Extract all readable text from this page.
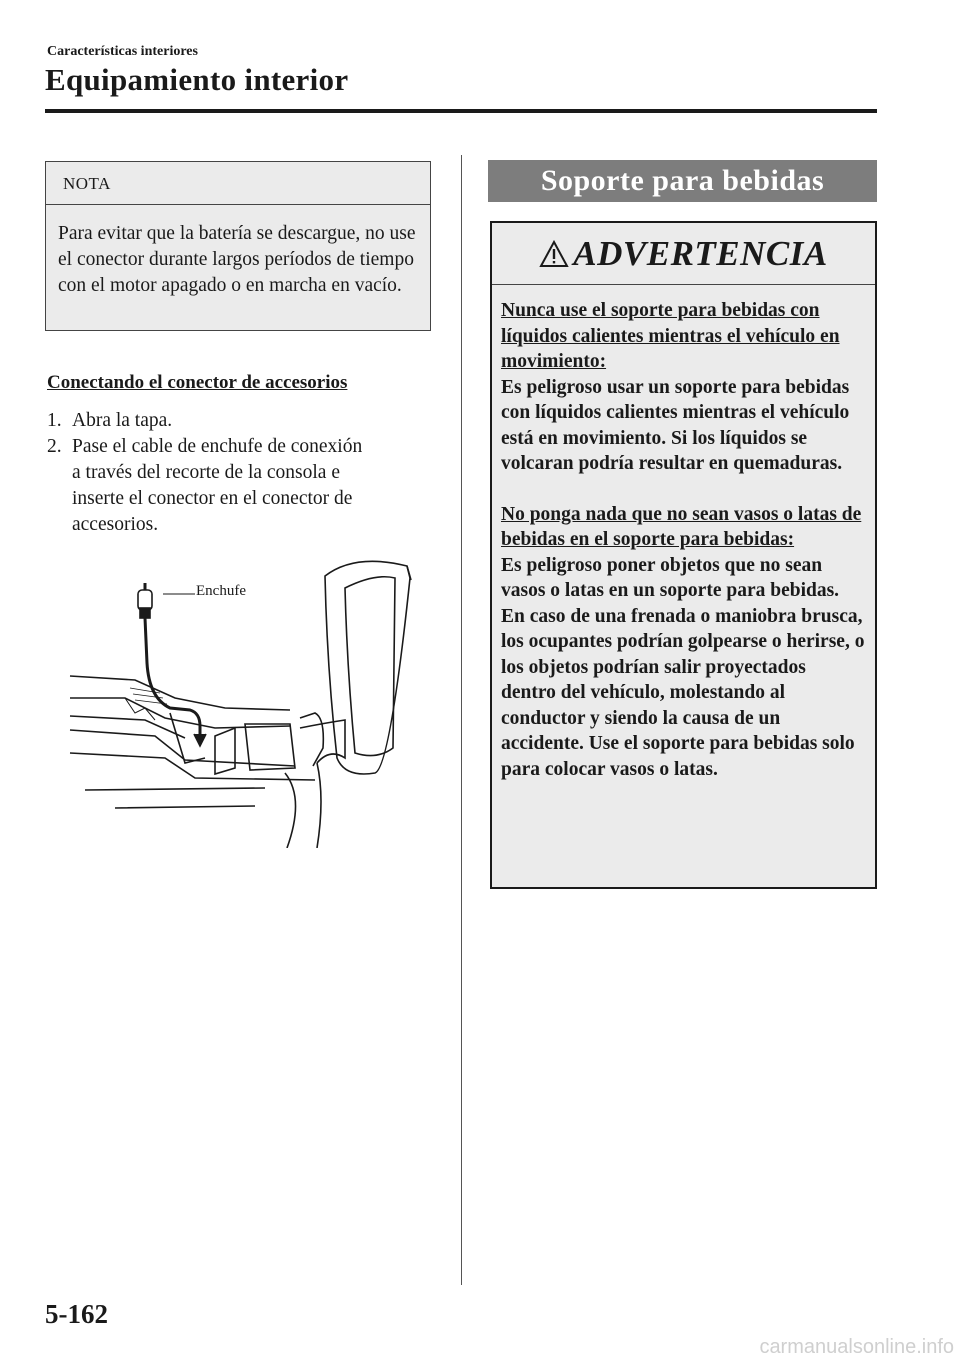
Características interiores
Equipamiento interior
NOTA
Para evitar que la batería se descargue, no use el conector durante largos períodos de tiempo con el motor apagado o en marcha en vacío.
Conectando el conector de accesorios
1. Abra la tapa.
2. Pase el cable de enchufe de conexión
a través del recorte de la consola e
inserte el conector en el conector de
accesorios.
Enchufe
Soporte para bebidas
ADVERTENCIA
Nunca use el soporte para bebidas con líquidos calientes mientras el vehículo en movimiento:
Es peligroso usar un soporte para bebidas con líquidos calientes mientras el vehículo está en movimiento. Si los líquidos se volcaran podría resultar en quemaduras.
No ponga nada que no sean vasos o latas de bebidas en el soporte para bebidas:
Es peligroso poner objetos que no sean vasos o latas en un soporte para bebidas. En caso de una frenada o maniobra brusca, los ocupantes podrían golpearse o herirse, o los objetos podrían salir proyectados dentro del vehículo, molestando al conductor y siendo la causa de un accidente. Use el soporte para bebidas solo para colocar vasos o latas.
5-162
carmanualsonline.info
